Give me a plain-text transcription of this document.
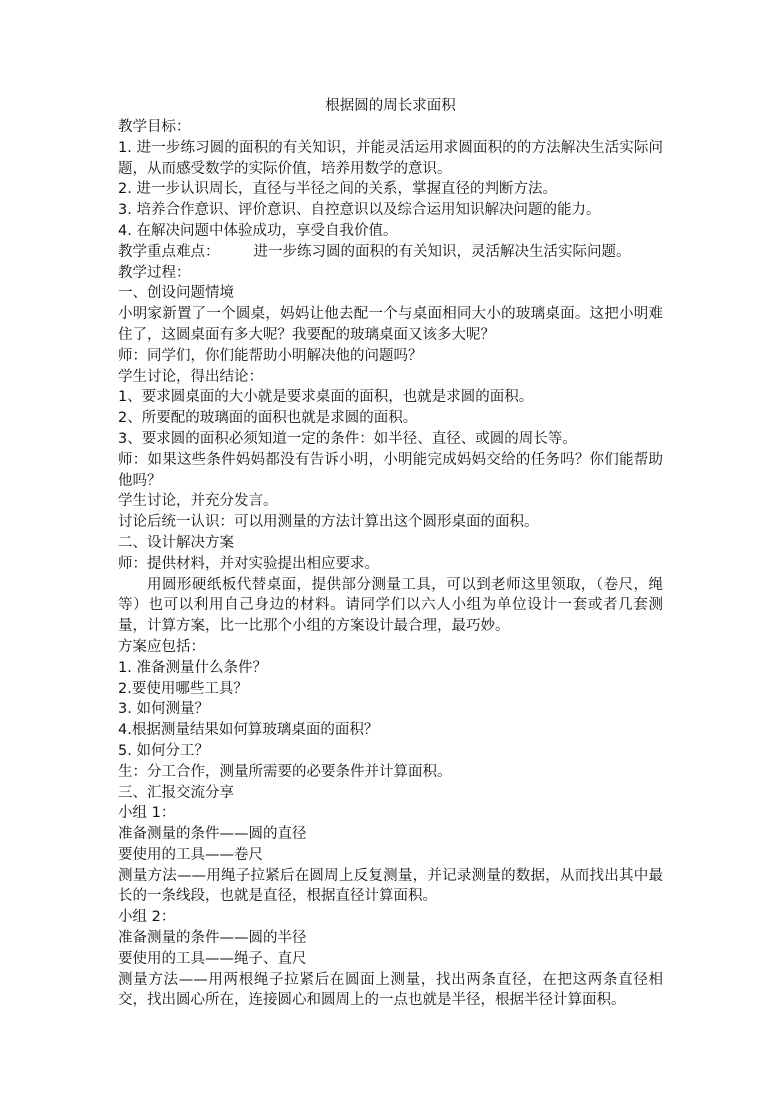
根据圆的周长求面积
教学目标：
1. 进一步练习圆的面积的有关知识，并能灵活运用求圆面积的的方法解决生活实际问题，从而感受数学的实际价值，培养用数学的意识。
2. 进一步认识周长，直径与半径之间的关系，掌握直径的判断方法。
3. 培养合作意识、评价意识、自控意识以及综合运用知识解决问题的能力。
4. 在解决问题中体验成功，享受自我价值。
教学重点难点： 进一步练习圆的面积的有关知识，灵活解决生活实际问题。
教学过程：
一、创设问题情境
小明家新置了一个圆桌，妈妈让他去配一个与桌面相同大小的玻璃桌面。这把小明难住了，这圆桌面有多大呢？我要配的玻璃桌面又该多大呢？
师：同学们，你们能帮助小明解决他的问题吗？
学生讨论，得出结论：
1、要求圆桌面的大小就是要求桌面的面积，也就是求圆的面积。
2、所要配的玻璃面的面积也就是求圆的面积。
3、要求圆的面积必须知道一定的条件：如半径、直径、或圆的周长等。
师：如果这些条件妈妈都没有告诉小明，小明能完成妈妈交给的任务吗？你们能帮助他吗？
学生讨论，并充分发言。
讨论后统一认识：可以用测量的方法计算出这个圆形桌面的面积。
二、设计解决方案
师：提供材料，并对实验提出相应要求。
用圆形硬纸板代替桌面，提供部分测量工具，可以到老师这里领取，（卷尺，绳等）也可以利用自己身边的材料。请同学们以六人小组为单位设计一套或者几套测量，计算方案，比一比那个小组的方案设计最合理，最巧妙。
方案应包括：
1. 准备测量什么条件？
2.要使用哪些工具？
3. 如何测量？
4.根据测量结果如何算玻璃桌面的面积？
5. 如何分工？
生：分工合作，测量所需要的必要条件并计算面积。
三、汇报交流分享
小组 1：
准备测量的条件——圆的直径
要使用的工具——卷尺
测量方法——用绳子拉紧后在圆周上反复测量，并记录测量的数据，从而找出其中最长的一条线段，也就是直径，根据直径计算面积。
小组 2：
准备测量的条件——圆的半径
要使用的工具——绳子、直尺
测量方法——用两根绳子拉紧后在圆面上测量，找出两条直径，在把这两条直径相交，找出圆心所在，连接圆心和圆周上的一点也就是半径，根据半径计算面积。
